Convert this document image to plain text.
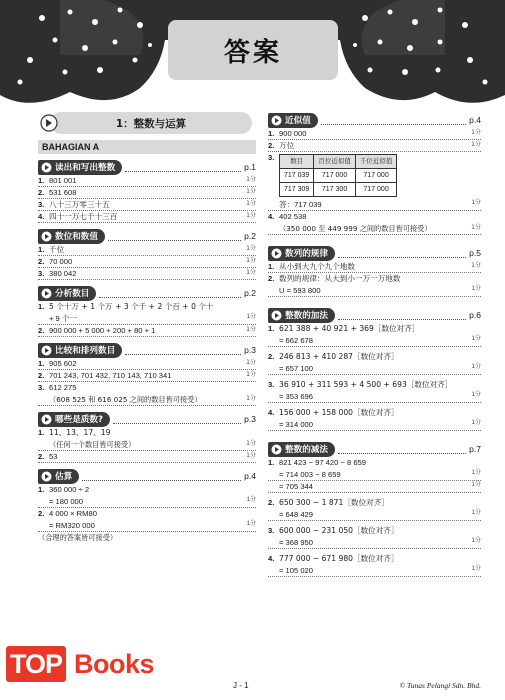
答案
1：整数与运算
BAHAGIAN A
读出和写出整数	p.1
1. 801 001	1分
2. 531 608	1分
3. 八十三万零三十五	1分
4. 四十一万七千十三百	1分
数位和数值	p.2
1. 千位	1分
2. 70 000	1分
3. 380 042	1分
分析数目	p.2
1. 5 个十万 + 1 个万 + 3 个千 + 2 个百 + 0 个十
+ 9 个一	1分
2. 900 000 + 5 000 + 200 + 80 + 1	1分
比较和排列数目	p.3
1. 905 602	1分
2. 701 243, 701 432, 710 143, 710 341	1分
3. 612 275
（608 525 和 616 025 之间的数目皆可接受）	1分
哪些是质数?	p.3
1. 11、13、17、19
（任何一个数目皆可接受）	1分
2. 53	1分
估算	p.4
1. 360 000 ÷ 2
= 180 000	1分
2. 4 000 × RM80
= RM320 000	1分
（合理的答案皆可接受）
近似值	p.4
1. 900 000	1分
2. 万位	1分
3.	数目	百位近似值	千位近似值
717 039	717 000	717 000
717 309	717 300	717 000
答：717 039	1分
4. 402 538
（350 000 至 449 999 之间的数目皆可接受）	1分
数列的规律	p.5
1. 从小到大九个九个地数	1分
2. 数列的规律：从大到小一万一万地数
U = 593 800	1分
整数的加法	p.6
1. 621 388 + 40 921 + 369［数位对齐］
= 662 678	1分
2. 246 813 + 410 287［数位对齐］
= 657 100	1分
3. 36 910 + 311 593 + 4 500 + 693［数位对齐］
= 353 696	1分
4. 156 000 + 158 000［数位对齐］
= 314 000	1分
整数的减法	p.7
1. 821 423 − 97 420 − 8 659
= 714 003 − 8 659	1分
= 705 344	1分
2. 650 300 − 1 871［数位对齐］
= 648 429	1分
3. 600 000 − 231 050［数位对齐］
= 368 950	1分
4. 777 000 − 671 980［数位对齐］
= 105 020	1分
TOP Books
J - 1	© Tunas Pelangi Sdn. Bhd.
